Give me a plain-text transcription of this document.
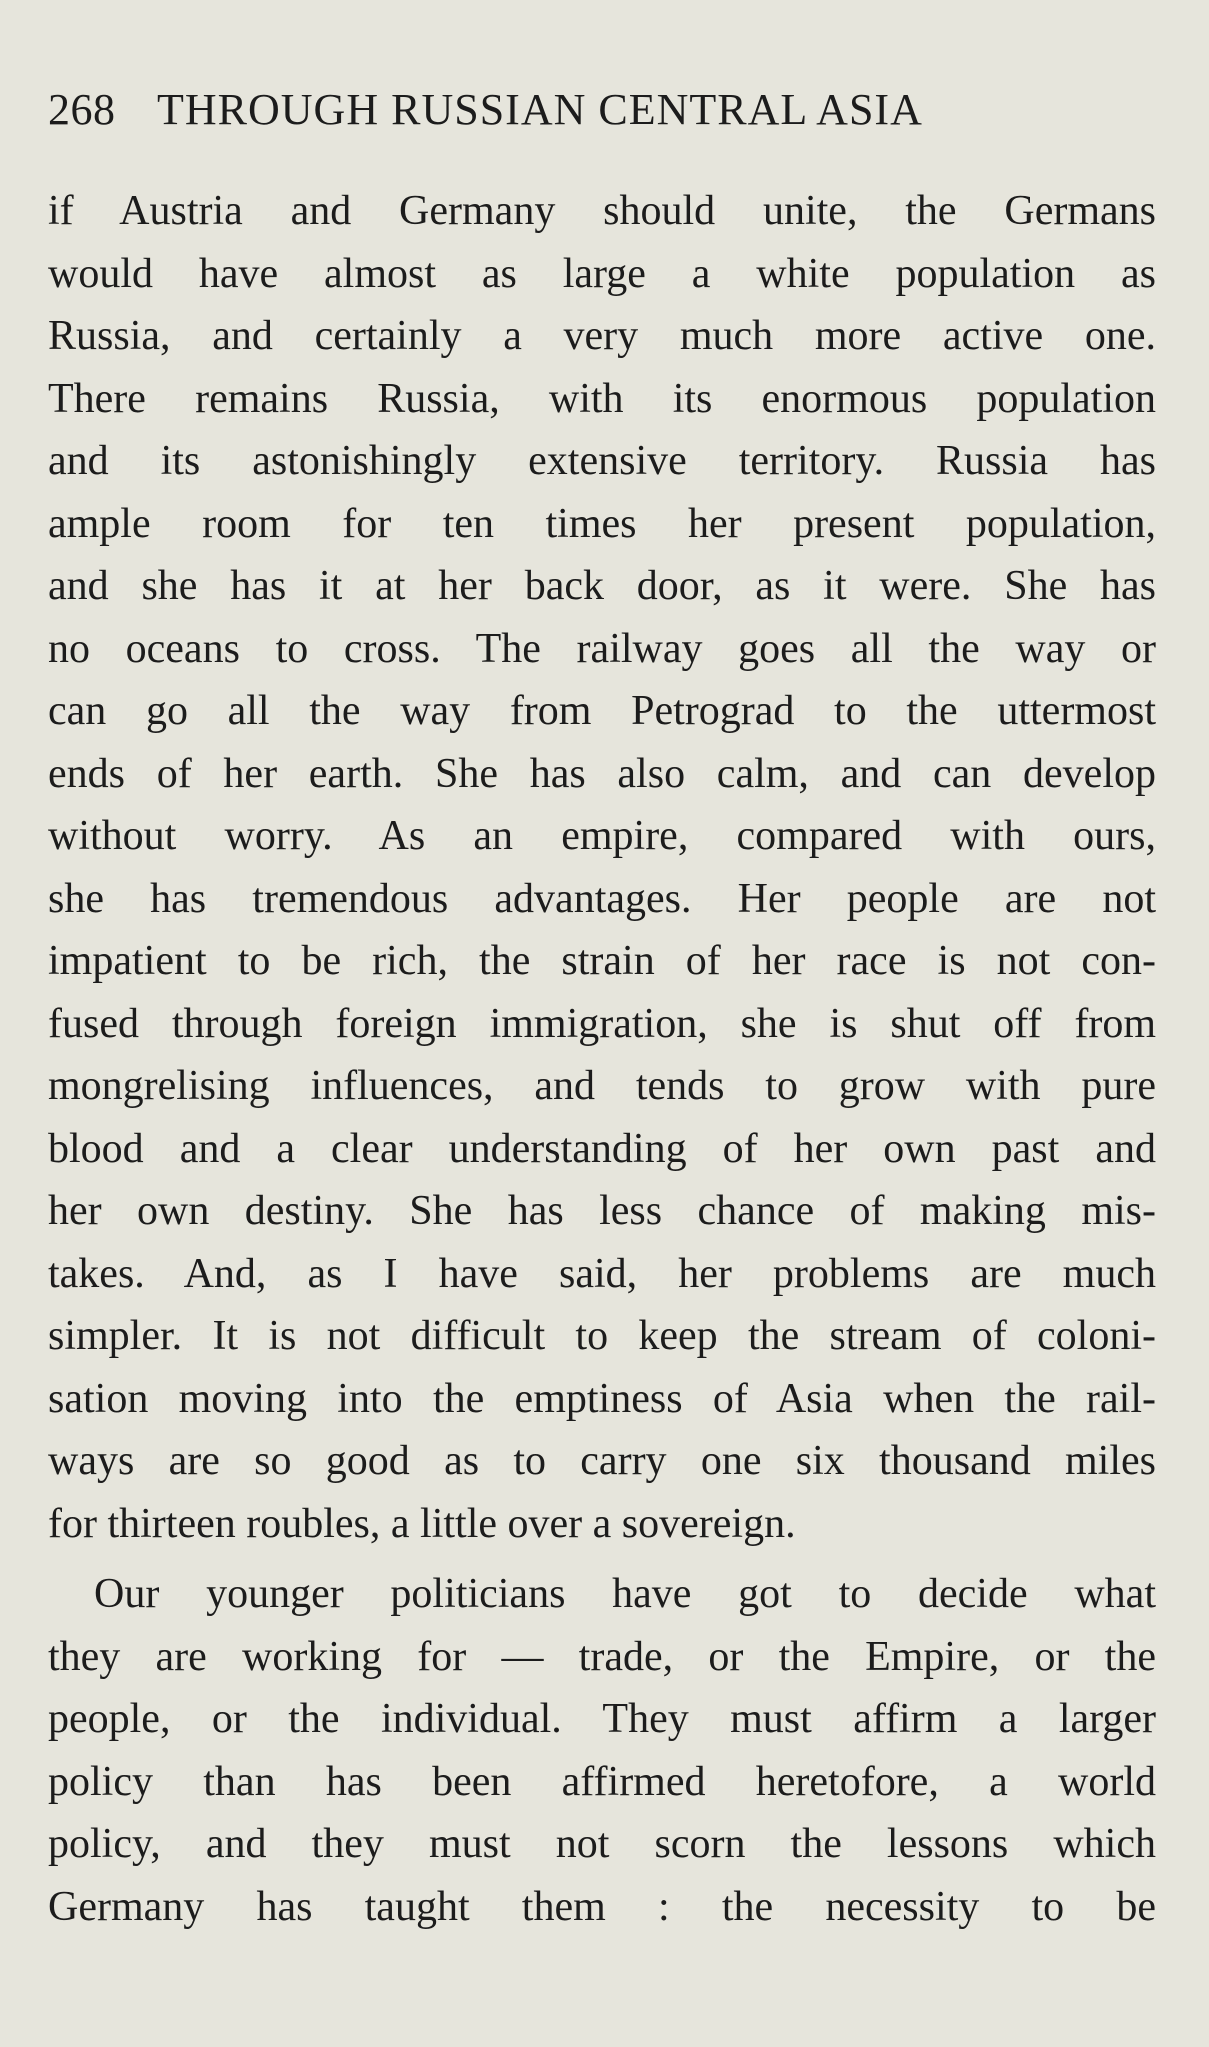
268 THROUGH RUSSIAN CENTRAL ASIA
if Austria and Germany should unite, the Germans
would have almost as large a white population as
Russia, and certainly a very much more active one.
There remains Russia, with its enormous population
and its astonishingly extensive territory. Russia has
ample room for ten times her present population,
and she has it at her back door, as it were. She has
no oceans to cross. The railway goes all the way or
can go all the way from Petrograd to the uttermost
ends of her earth. She has also calm, and can develop
without worry. As an empire, compared with ours,
she has tremendous advantages. Her people are not
impatient to be rich, the strain of her race is not con-
fused through foreign immigration, she is shut off from
mongrelising influences, and tends to grow with pure
blood and a clear understanding of her own past and
her own destiny. She has less chance of making mis-
takes. And, as I have said, her problems are much
simpler. It is not difficult to keep the stream of coloni-
sation moving into the emptiness of Asia when the rail-
ways are so good as to carry one six thousand miles
for thirteen roubles, a little over a sovereign.
Our younger politicians have got to decide what
they are working for — trade, or the Empire, or the
people, or the individual. They must affirm a larger
policy than has been affirmed heretofore, a world
policy, and they must not scorn the lessons which
Germany has taught them : the necessity to be
